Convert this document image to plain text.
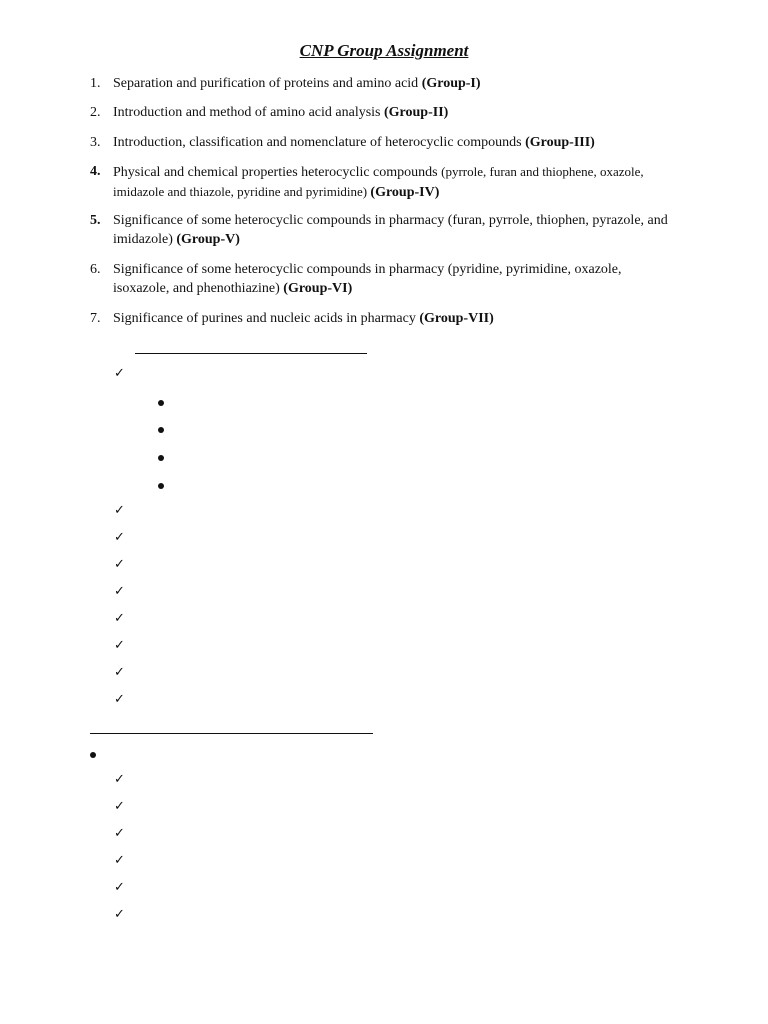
CNP Group Assignment
1. Separation and purification of proteins and amino acid (Group-I)
2. Introduction and method of amino acid analysis (Group-II)
3. Introduction, classification and nomenclature of heterocyclic compounds (Group-III)
4. Physical and chemical properties heterocyclic compounds (pyrrole, furan and thiophene, oxazole, imidazole and thiazole, pyridine and pyrimidine) (Group-IV)
5. Significance of some heterocyclic compounds in pharmacy (furan, pyrrole, thiophen, pyrazole, and imidazole) (Group-V)
6. Significance of some heterocyclic compounds in pharmacy (pyridine, pyrimidine, oxazole, isoxazole, and phenothiazine) (Group-VI)
7. Significance of purines and nucleic acids in pharmacy (Group-VII)
✓
✓
✓
✓
✓
✓
✓
✓
✓
✓
✓
✓
✓
✓
✓
